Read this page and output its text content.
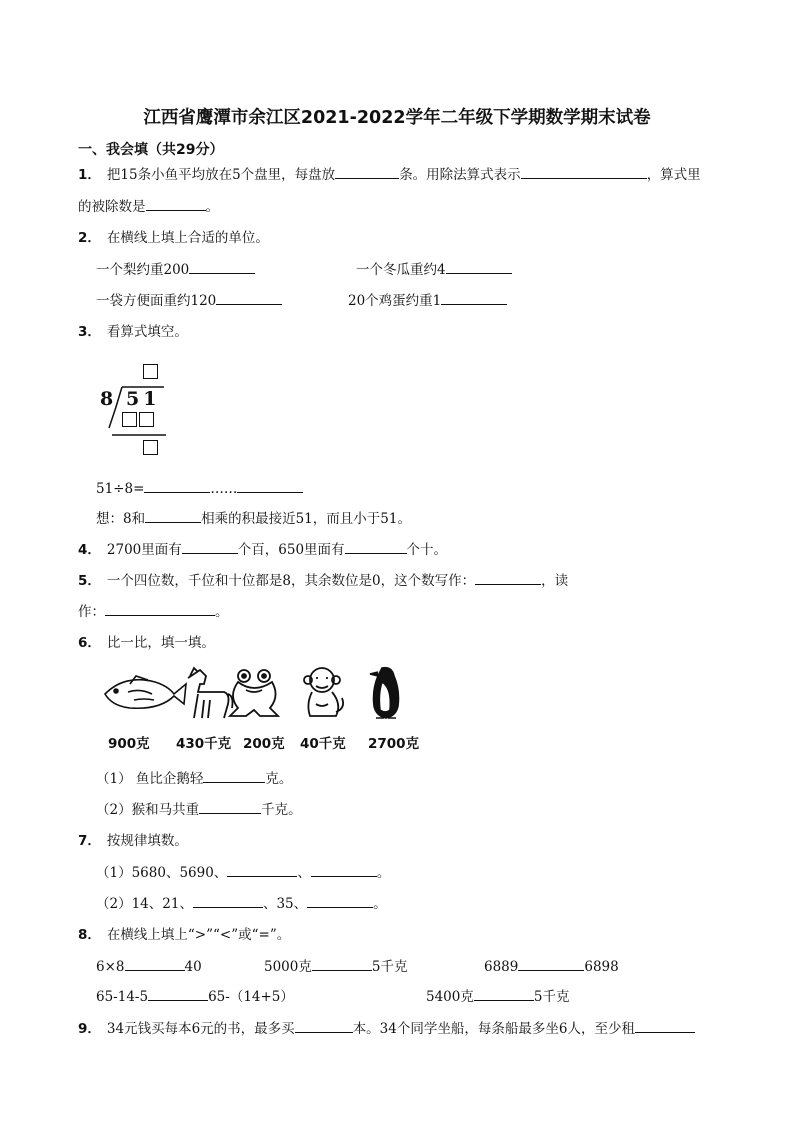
江西省鹰潭市余江区2021-2022学年二年级下学期数学期末试卷
一、我会填（共29分）
1． 把15条小鱼平均放在5个盘里，每盘放	条。用除法算式表示	，算式里
的被除数是	。
2． 在横线上填上合适的单位。
一个梨约重200	一个冬瓜重约4
一袋方便面重约120	20个鸡蛋约重1
3． 看算式填空。
8 51
51÷8=	……
想：8和	相乘的积最接近51，而且小于51。
4． 2700里面有	个百，650里面有	个十。
5． 一个四位数，千位和十位都是8，其余数位是0，这个数写作：	，读
作：	。
6． 比一比，填一填。
900克 430千克 200克 40千克 2700克
（1） 鱼比企鹅轻	克。
（2）猴和马共重	千克。
7． 按规律填数。
（1）5680、5690、	、	。
（2）14、21、	、35、	。
8． 在横线上填上“>”“<”或“=”。
6×8	40	5000克	5千克	6889	6898
65-14-5	65-（14+5）	5400克	5千克
9． 34元钱买每本6元的书，最多买	本。34个同学坐船，每条船最多坐6人，至少租
